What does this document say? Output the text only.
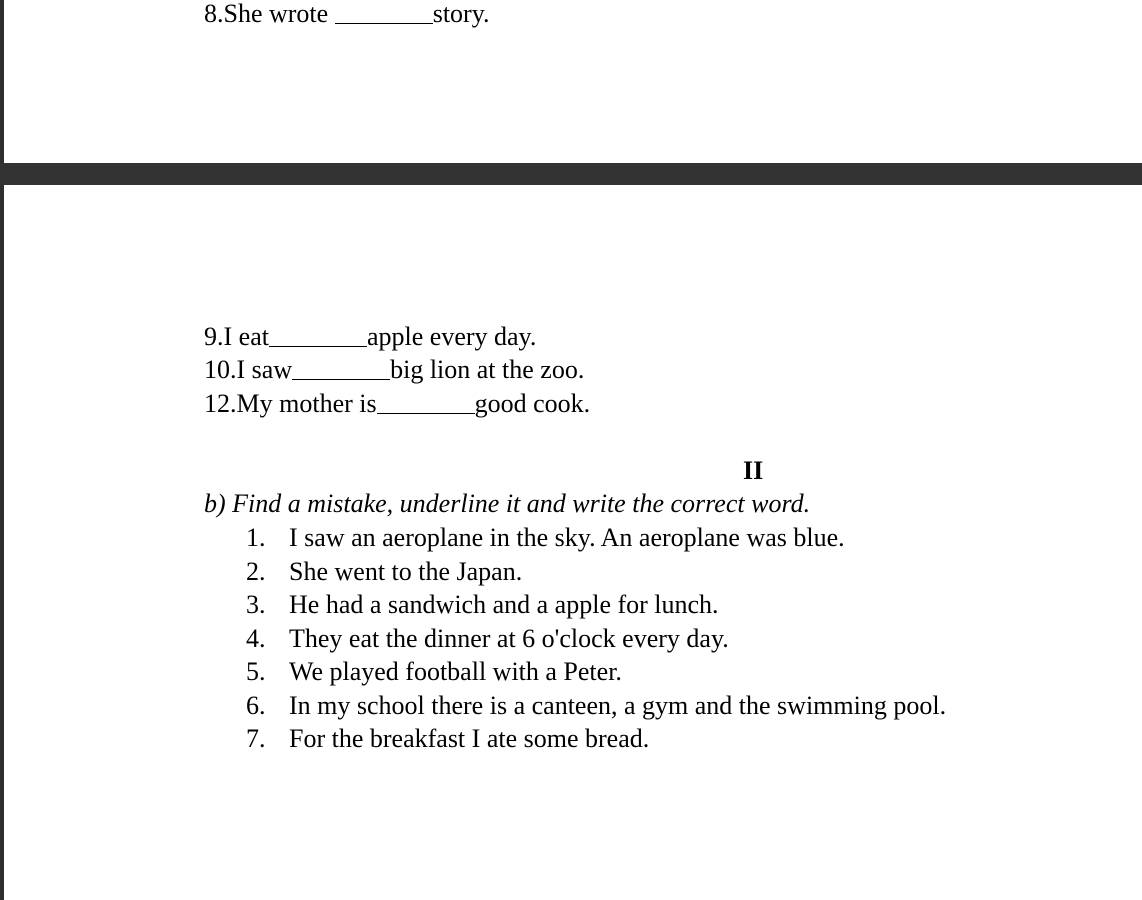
8.She wrote	story.
9.I eat	apple every day.
10.I saw	big lion at the zoo.
12.My mother is	good cook.
II
b) Find a mistake, underline it and write the correct word.
1. I saw an aeroplane in the sky. An aeroplane was blue.
2. She went to the Japan.
3. He had a sandwich and a apple for lunch.
4. They eat the dinner at 6 o'clock every day.
5. We played football with a Peter.
6. In my school there is a canteen, a gym and the swimming pool.
7. For the breakfast I ate some bread.
